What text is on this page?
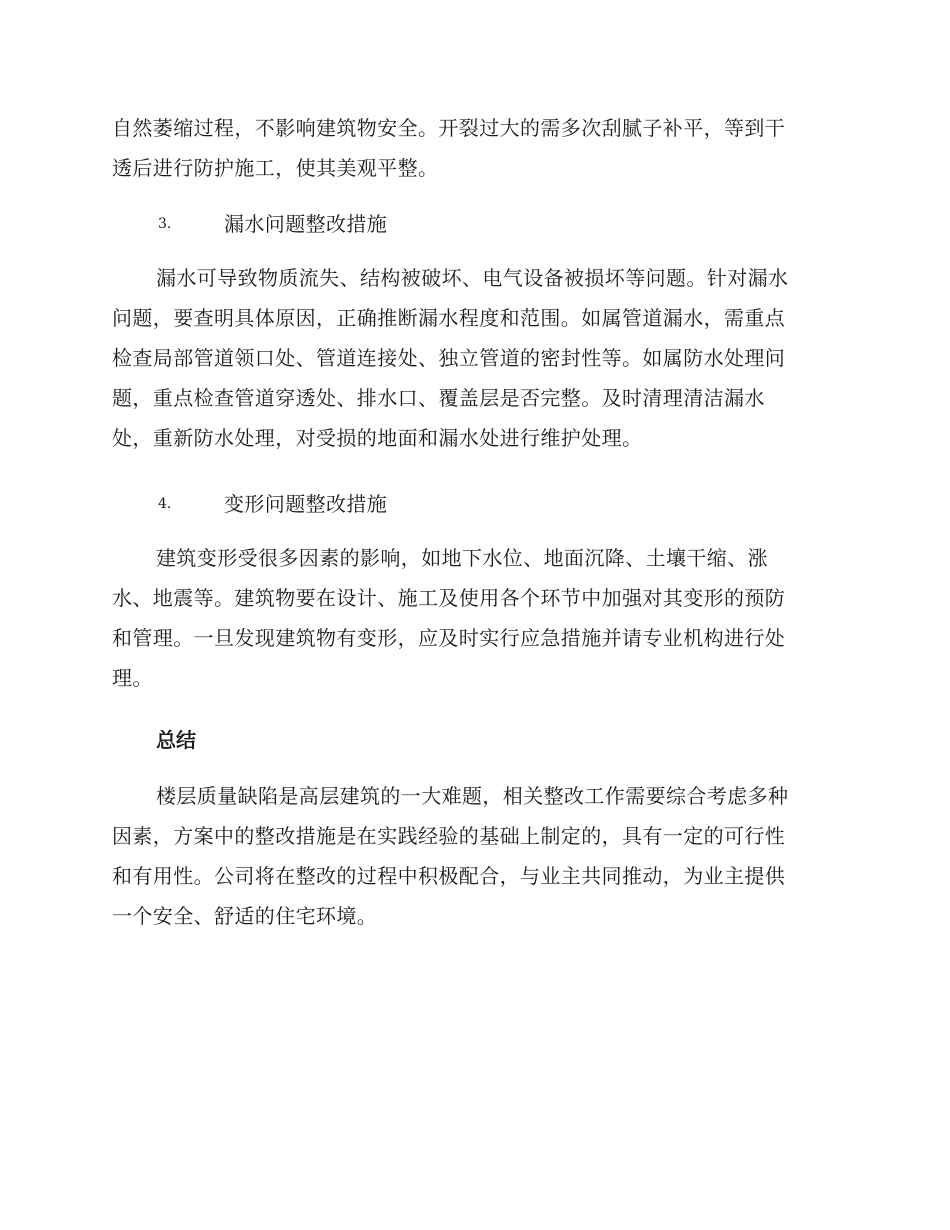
自然萎缩过程，不影响建筑物安全。开裂过大的需多次刮腻子补平，等到干
透后进行防护施工，使其美观平整。
3.	漏水问题整改措施
漏水可导致物质流失、结构被破坏、电气设备被损坏等问题。针对漏水
问题，要查明具体原因，正确推断漏水程度和范围。如属管道漏水，需重点
检查局部管道领口处、管道连接处、独立管道的密封性等。如属防水处理问
题，重点检查管道穿透处、排水口、覆盖层是否完整。及时清理清洁漏水
处，重新防水处理，对受损的地面和漏水处进行维护处理。
4.	变形问题整改措施
建筑变形受很多因素的影响，如地下水位、地面沉降、土壤干缩、涨
水、地震等。建筑物要在设计、施工及使用各个环节中加强对其变形的预防
和管理。一旦发现建筑物有变形，应及时实行应急措施并请专业机构进行处
理。
总结
楼层质量缺陷是高层建筑的一大难题，相关整改工作需要综合考虑多种
因素，方案中的整改措施是在实践经验的基础上制定的，具有一定的可行性
和有用性。公司将在整改的过程中积极配合，与业主共同推动，为业主提供
一个安全、舒适的住宅环境。
